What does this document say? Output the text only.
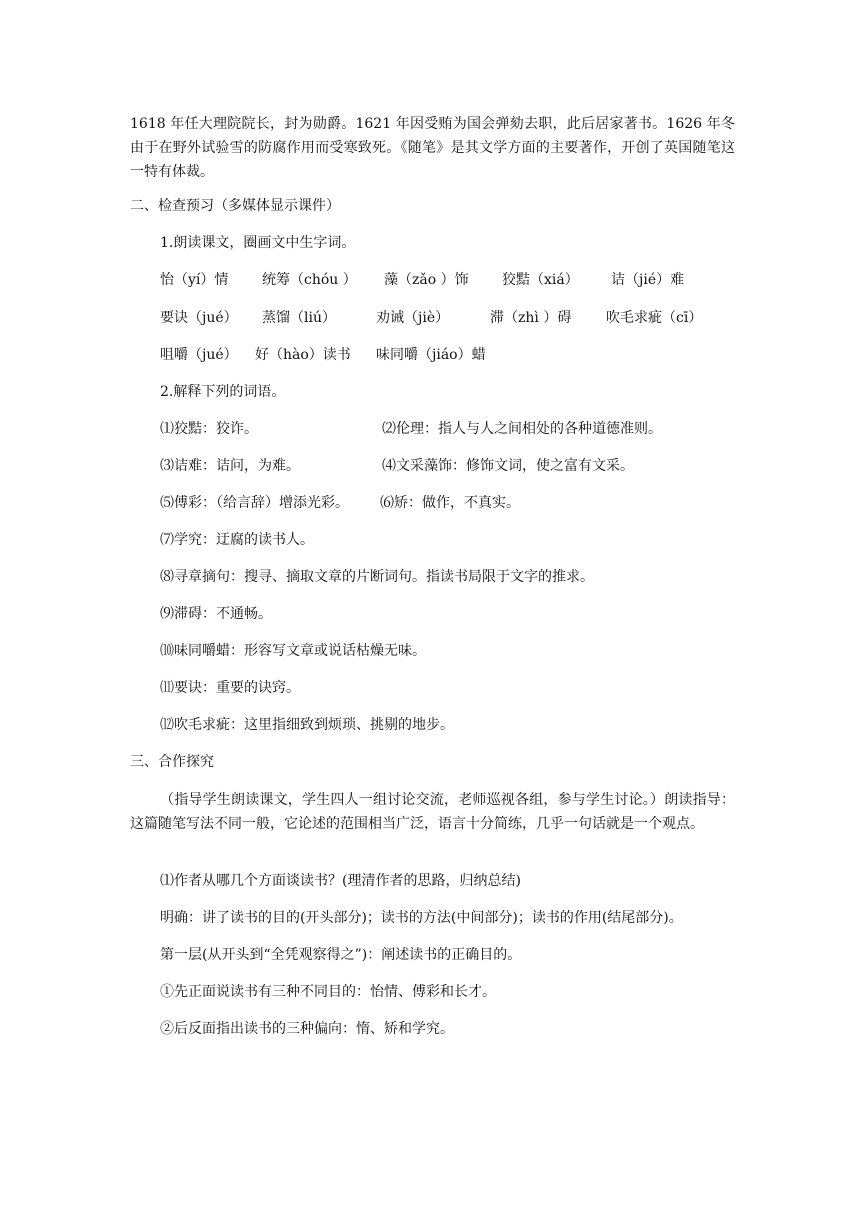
1618 年任大理院院长，封为勋爵。1621 年因受贿为国会弹劾去职，此后居家著书。1626 年冬由于在野外试验雪的防腐作用而受寒致死。《随笔》是其文学方面的主要著作，开创了英国随笔这一特有体裁。
二、检查预习（多媒体显示课件）
1.朗读课文，圈画文中生字词。
怡（yí）情 统筹（chóu ） 藻（zǎo ）饰 狡黠（xiá） 诘（jié）难
要诀（jué） 蒸馏（liú）	劝诫（jiè）	滞（zhì ）碍 吹毛求疵（cī）
咀嚼（jué） 好（hào）读书 味同嚼（jiáo）蜡
2.解释下列的词语。
⑴狡黠：狡诈。	⑵伦理：指人与人之间相处的各种道德准则。
⑶诘难：诘问，为难。	⑷文采藻饰：修饰文词，使之富有文采。
⑸傅彩：（给言辞）增添光彩。 ⑹矫：做作，不真实。
⑺学究：迂腐的读书人。
⑻寻章摘句：搜寻、摘取文章的片断词句。指读书局限于文字的推求。
⑼滞碍：不通畅。
⑽味同嚼蜡：形容写文章或说话枯燥无味。
⑾要诀：重要的诀窍。
⑿吹毛求疵：这里指细致到烦琐、挑剔的地步。
三、合作探究
（指导学生朗读课文，学生四人一组讨论交流，老师巡视各组，参与学生讨论。）朗读指导：这篇随笔写法不同一般，它论述的范围相当广泛，语言十分简练，几乎一句话就是一个观点。
⑴作者从哪几个方面谈读书？(理清作者的思路，归纳总结)
明确：讲了读书的目的(开头部分)；读书的方法(中间部分)；读书的作用(结尾部分)。
第一层(从开头到“全凭观察得之”)：阐述读书的正确目的。
①先正面说读书有三种不同目的：怡情、傅彩和长才。
②后反面指出读书的三种偏向：惰、矫和学究。
